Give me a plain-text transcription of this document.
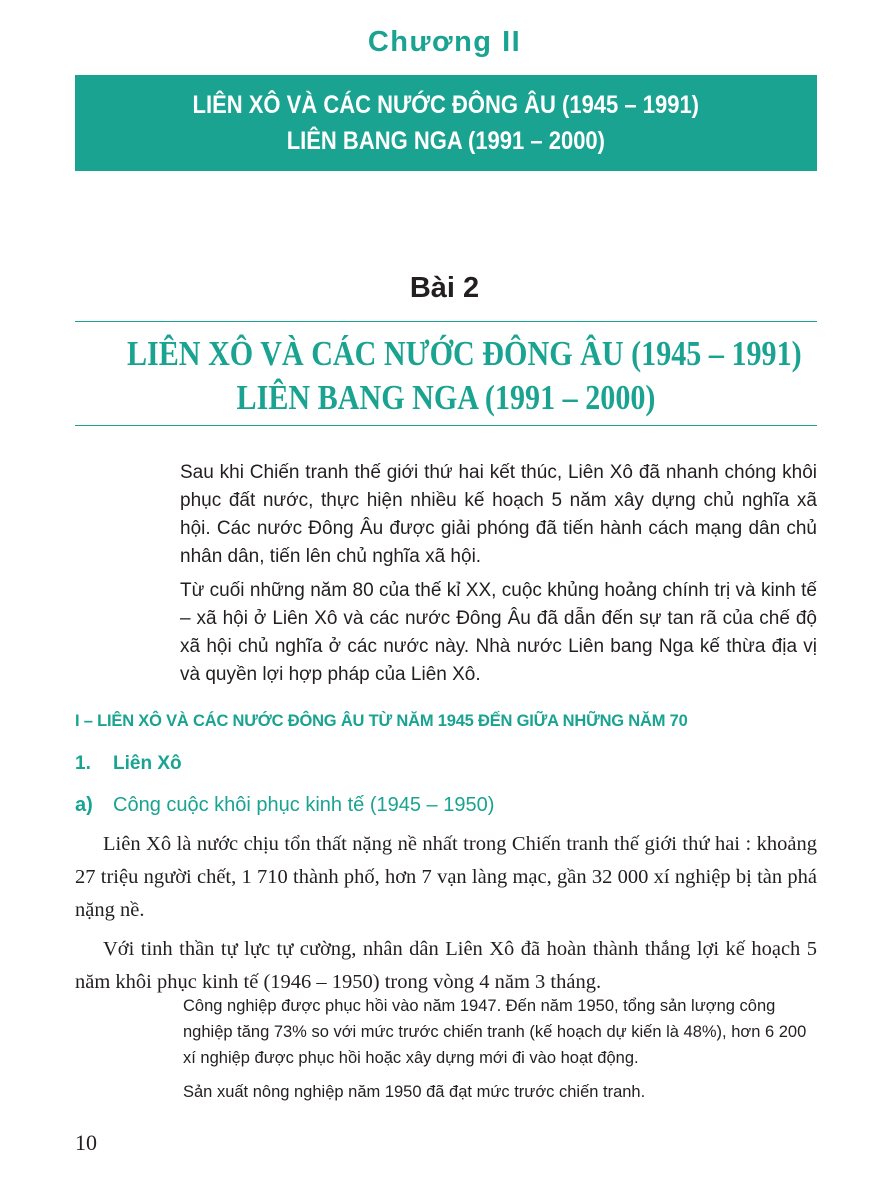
Chương II
LIÊN XÔ VÀ CÁC NƯỚC ĐÔNG ÂU (1945 – 1991)
LIÊN BANG NGA (1991 – 2000)
Bài 2
LIÊN XÔ VÀ CÁC NƯỚC ĐÔNG ÂU (1945 – 1991)
LIÊN BANG NGA (1991 – 2000)

Sau khi Chiến tranh thế giới thứ hai kết thúc, Liên Xô đã nhanh chóng khôi phục đất nước, thực hiện nhiều kế hoạch 5 năm xây dựng chủ nghĩa xã hội. Các nước Đông Âu được giải phóng đã tiến hành cách mạng dân chủ nhân dân, tiến lên chủ nghĩa xã hội.

Từ cuối những năm 80 của thế kỉ XX, cuộc khủng hoảng chính trị và kinh tế – xã hội ở Liên Xô và các nước Đông Âu đã dẫn đến sự tan rã của chế độ xã hội chủ nghĩa ở các nước này. Nhà nước Liên bang Nga kế thừa địa vị và quyền lợi hợp pháp của Liên Xô.

I – LIÊN XÔ VÀ CÁC NƯỚC ĐÔNG ÂU TỪ NĂM 1945 ĐẾN GIỮA NHỮNG NĂM 70
1. Liên Xô
a) Công cuộc khôi phục kinh tế (1945 – 1950)

Liên Xô là nước chịu tổn thất nặng nề nhất trong Chiến tranh thế giới thứ hai : khoảng 27 triệu người chết, 1 710 thành phố, hơn 7 vạn làng mạc, gần 32 000 xí nghiệp bị tàn phá nặng nề.

Với tinh thần tự lực tự cường, nhân dân Liên Xô đã hoàn thành thắng lợi kế hoạch 5 năm khôi phục kinh tế (1946 – 1950) trong vòng 4 năm 3 tháng.

Công nghiệp được phục hồi vào năm 1947. Đến năm 1950, tổng sản lượng công nghiệp tăng 73% so với mức trước chiến tranh (kế hoạch dự kiến là 48%), hơn 6 200 xí nghiệp được phục hồi hoặc xây dựng mới đi vào hoạt động.

Sản xuất nông nghiệp năm 1950 đã đạt mức trước chiến tranh.

10
